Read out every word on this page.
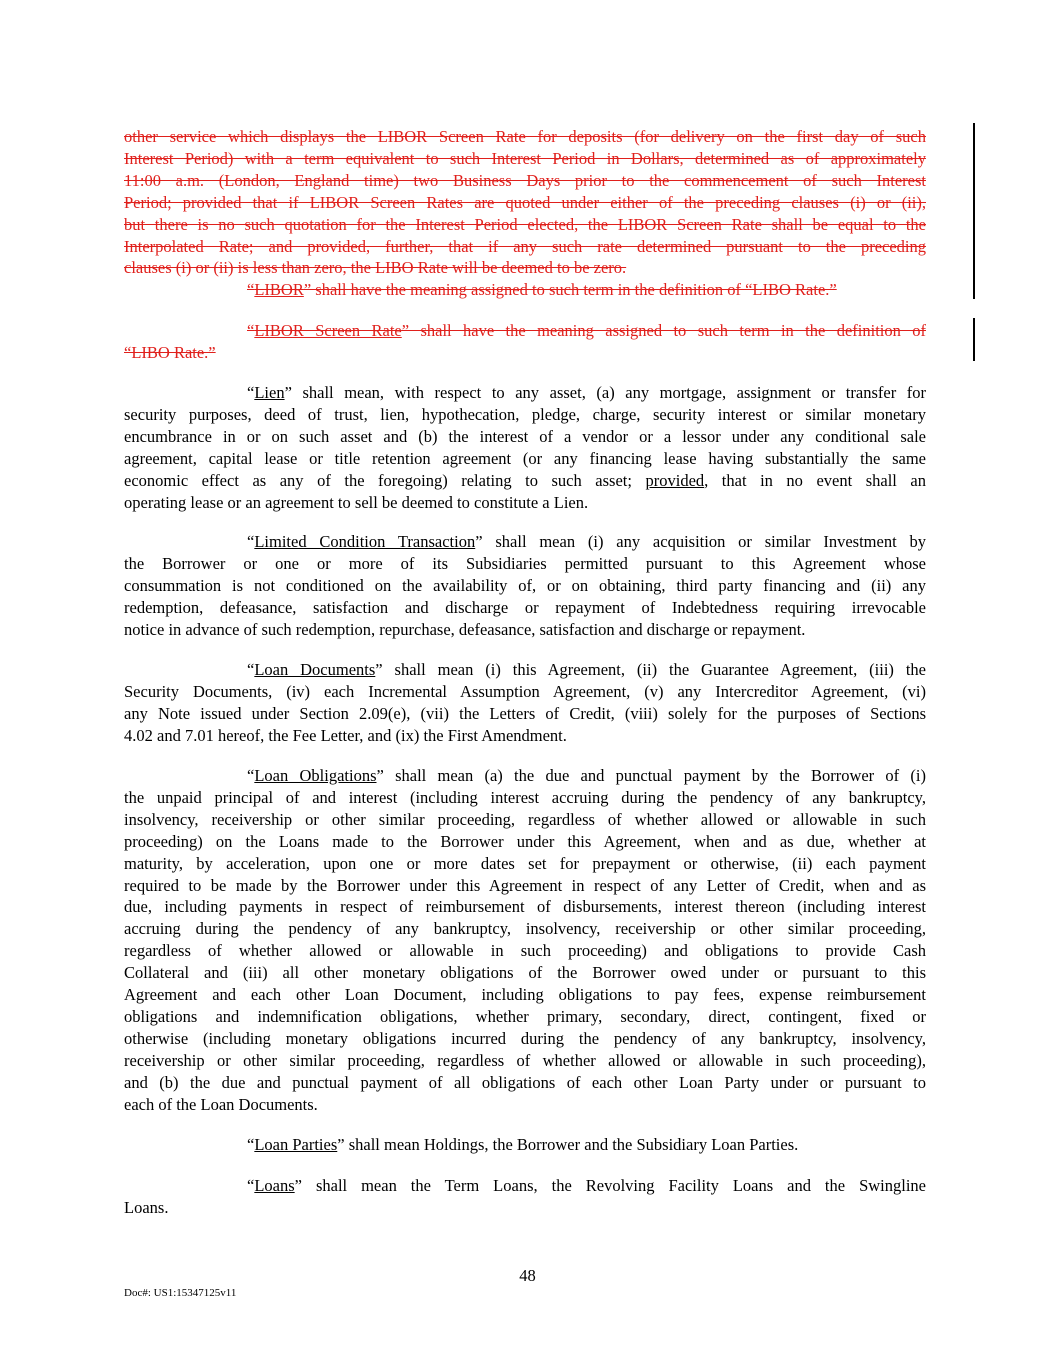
other service which displays the LIBOR Screen Rate for deposits (for delivery on the first day of such
Interest Period) with a term equivalent to such Interest Period in Dollars, determined as of approximately
11:00 a.m. (London, England time) two Business Days prior to the commencement of such Interest
Period; provided that if LIBOR Screen Rates are quoted under either of the preceding clauses (i) or (ii),
but there is no such quotation for the Interest Period elected, the LIBOR Screen Rate shall be equal to the
Interpolated Rate; and provided, further, that if any such rate determined pursuant to the preceding
clauses (i) or (ii) is less than zero, the LIBO Rate will be deemed to be zero.
“LIBOR” shall have the meaning assigned to such term in the definition of “LIBO Rate.”
“LIBOR Screen Rate” shall have the meaning assigned to such term in the definition of
“LIBO Rate.”
“Lien” shall mean, with respect to any asset, (a) any mortgage, assignment or transfer for
security purposes, deed of trust, lien, hypothecation, pledge, charge, security interest or similar monetary
encumbrance in or on such asset and (b) the interest of a vendor or a lessor under any conditional sale
agreement, capital lease or title retention agreement (or any financing lease having substantially the same
economic effect as any of the foregoing) relating to such asset; provided, that in no event shall an
operating lease or an agreement to sell be deemed to constitute a Lien.
“Limited Condition Transaction” shall mean (i) any acquisition or similar Investment by
the Borrower or one or more of its Subsidiaries permitted pursuant to this Agreement whose
consummation is not conditioned on the availability of, or on obtaining, third party financing and (ii) any
redemption, defeasance, satisfaction and discharge or repayment of Indebtedness requiring irrevocable
notice in advance of such redemption, repurchase, defeasance, satisfaction and discharge or repayment.
“Loan Documents” shall mean (i) this Agreement, (ii) the Guarantee Agreement, (iii) the
Security Documents, (iv) each Incremental Assumption Agreement, (v) any Intercreditor Agreement, (vi)
any Note issued under Section 2.09(e), (vii) the Letters of Credit, (viii) solely for the purposes of Sections
4.02 and 7.01 hereof, the Fee Letter, and (ix) the First Amendment.
“Loan Obligations” shall mean (a) the due and punctual payment by the Borrower of (i)
the unpaid principal of and interest (including interest accruing during the pendency of any bankruptcy,
insolvency, receivership or other similar proceeding, regardless of whether allowed or allowable in such
proceeding) on the Loans made to the Borrower under this Agreement, when and as due, whether at
maturity, by acceleration, upon one or more dates set for prepayment or otherwise, (ii) each payment
required to be made by the Borrower under this Agreement in respect of any Letter of Credit, when and as
due, including payments in respect of reimbursement of disbursements, interest thereon (including interest
accruing during the pendency of any bankruptcy, insolvency, receivership or other similar proceeding,
regardless of whether allowed or allowable in such proceeding) and obligations to provide Cash
Collateral and (iii) all other monetary obligations of the Borrower owed under or pursuant to this
Agreement and each other Loan Document, including obligations to pay fees, expense reimbursement
obligations and indemnification obligations, whether primary, secondary, direct, contingent, fixed or
otherwise (including monetary obligations incurred during the pendency of any bankruptcy, insolvency,
receivership or other similar proceeding, regardless of whether allowed or allowable in such proceeding),
and (b) the due and punctual payment of all obligations of each other Loan Party under or pursuant to
each of the Loan Documents.
“Loan Parties” shall mean Holdings, the Borrower and the Subsidiary Loan Parties.
“Loans” shall mean the Term Loans, the Revolving Facility Loans and the Swingline
Loans.
48
Doc#: US1:15347125v11
